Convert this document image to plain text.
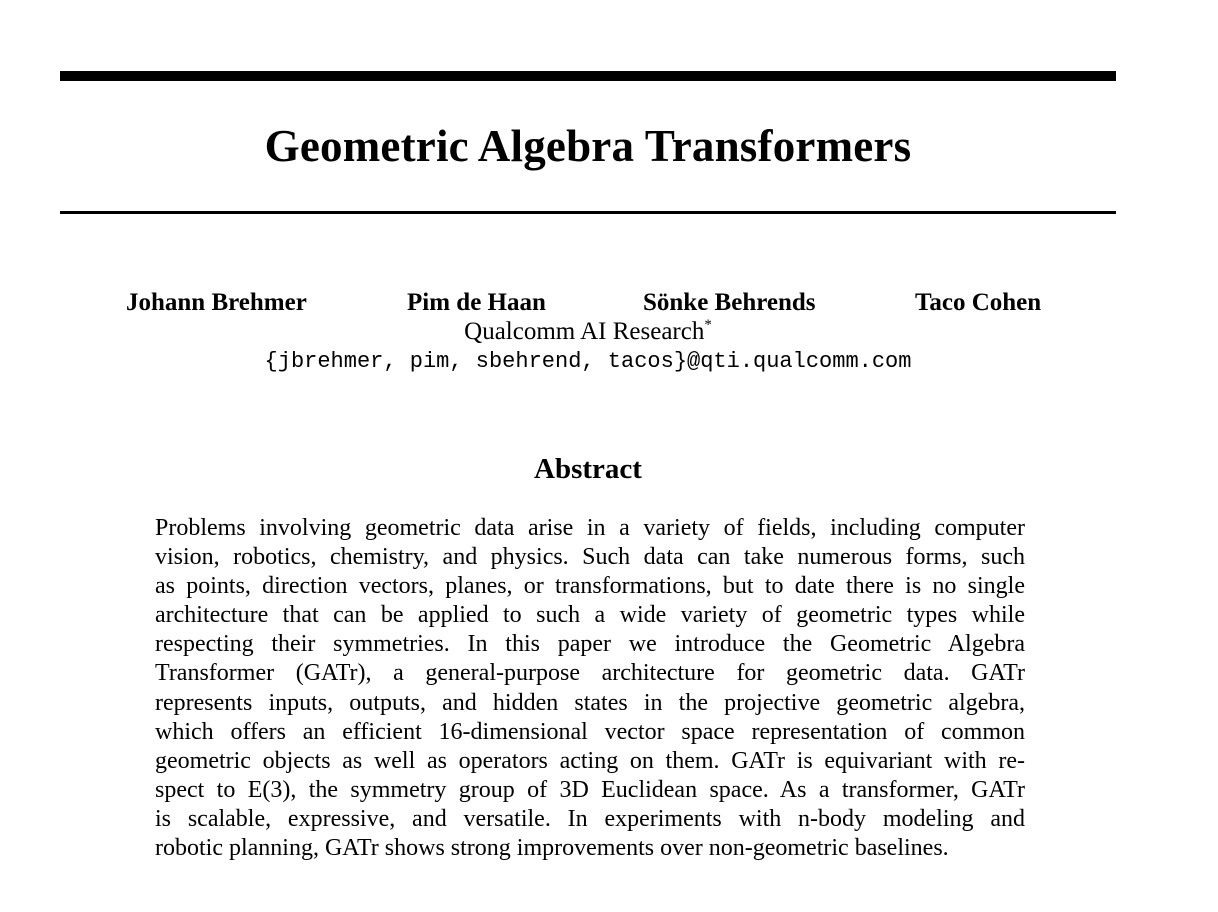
Geometric Algebra Transformers
Johann Brehmer	Pim de Haan	Sönke Behrends	Taco Cohen
Qualcomm AI Research*
{jbrehmer, pim, sbehrend, tacos}@qti.qualcomm.com
Abstract
Problems involving geometric data arise in a variety of fields, including computer
vision, robotics, chemistry, and physics. Such data can take numerous forms, such
as points, direction vectors, planes, or transformations, but to date there is no single
architecture that can be applied to such a wide variety of geometric types while
respecting their symmetries. In this paper we introduce the Geometric Algebra
Transformer (GATr), a general-purpose architecture for geometric data. GATr
represents inputs, outputs, and hidden states in the projective geometric algebra,
which offers an efficient 16-dimensional vector space representation of common
geometric objects as well as operators acting on them. GATr is equivariant with re-
spect to E(3), the symmetry group of 3D Euclidean space. As a transformer, GATr
is scalable, expressive, and versatile. In experiments with n-body modeling and
robotic planning, GATr shows strong improvements over non-geometric baselines.
